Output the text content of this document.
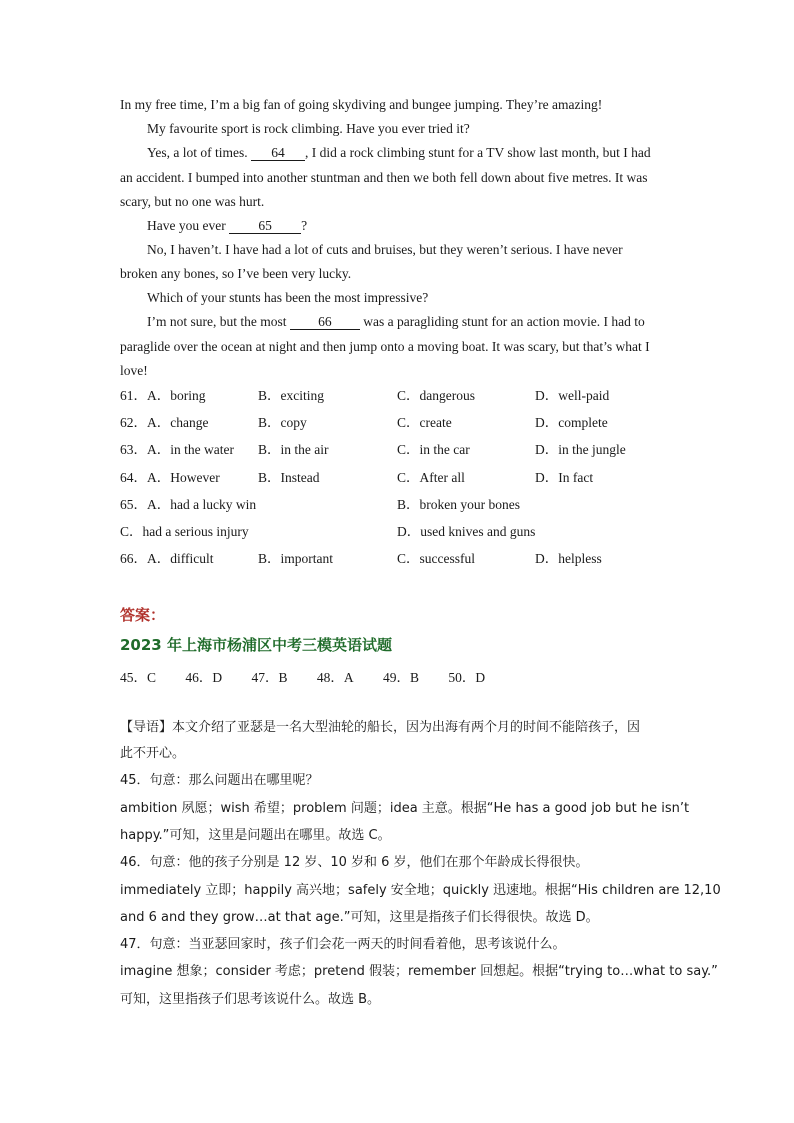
In my free time, I’m a big fan of going skydiving and bungee jumping. They’re amazing!
My favourite sport is rock climbing. Have you ever tried it?
Yes, a lot of times. 64 , I did a rock climbing stunt for a TV show last month, but I had
an accident. I bumped into another stuntman and then we both fell down about five metres. It was
scary, but no one was hurt.
Have you ever 65 ?
No, I haven’t. I have had a lot of cuts and bruises, but they weren’t serious. I have never
broken any bones, so I’ve been very lucky.
Which of your stunts has been the most impressive?
I’m not sure, but the most 66 was a paragliding stunt for an action movie. I had to
paraglide over the ocean at night and then jump onto a moving boat. It was scary, but that’s what I
love!
61．A．boring	B．exciting	C．dangerous	D．well-paid
62．A．change	B．copy	C．create	D．complete
63．A．in the water B．in the air	C．in the car	D．in the jungle
64．A．However	B．Instead	C．After all	D．In fact
65．A．had a lucky win	B．broken your bones
C．had a serious injury	D．used knives and guns
66．A．difficult	B．important	C．successful	D．helpless
答案：
2023 年上海市杨浦区中考三模英语试题
45．C 46．D 47．B 48．A 49．B 50．D
【导语】本文介绍了亚瑟是一名大型油轮的船长，因为出海有两个月的时间不能陪孩子，因
此不开心。
45．句意：那么问题出在哪里呢？
ambition 夙愿；wish 希望；problem 问题；idea 主意。根据“He has a good job but he isn’t
happy.”可知，这里是问题出在哪里。故选 C。
46．句意：他的孩子分别是 12 岁、10 岁和 6 岁，他们在那个年龄成长得很快。
immediately 立即；happily 高兴地；safely 安全地；quickly 迅速地。根据“His children are 12,10
and 6 and they grow…at that age.”可知，这里是指孩子们长得很快。故选 D。
47．句意：当亚瑟回家时，孩子们会花一两天的时间看着他，思考该说什么。
imagine 想象；consider 考虑；pretend 假装；remember 回想起。根据“trying to…what to say.”
可知，这里指孩子们思考该说什么。故选 B。
